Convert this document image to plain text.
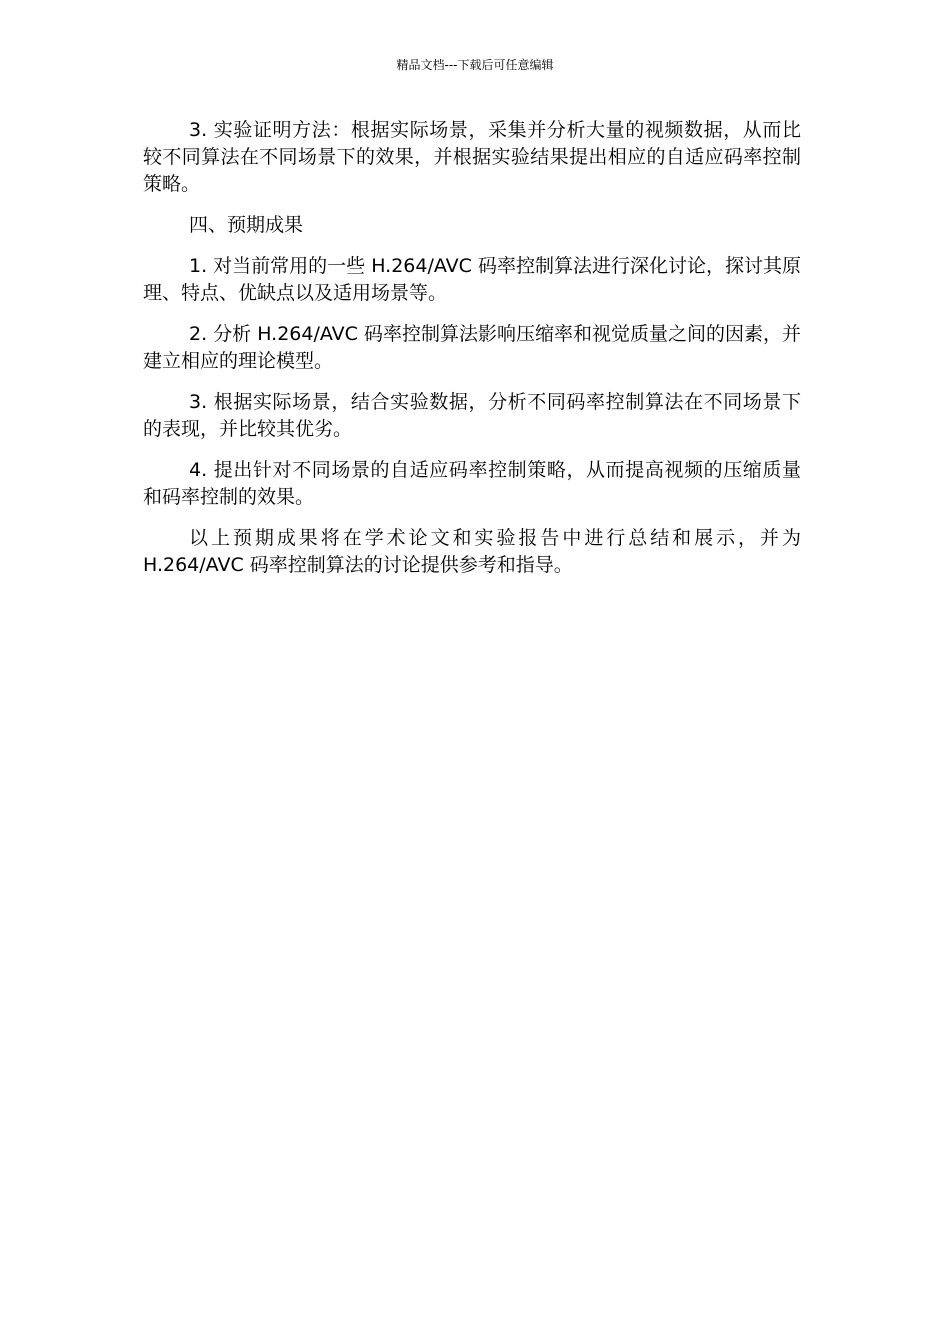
精品文档---下载后可任意编辑

3. 实验证明方法：根据实际场景，采集并分析大量的视频数据，从而比较不同算法在不同场景下的效果，并根据实验结果提出相应的自适应码率控制策略。

四、预期成果

1. 对当前常用的一些 H.264/AVC 码率控制算法进行深化讨论，探讨其原理、特点、优缺点以及适用场景等。

2. 分析 H.264/AVC 码率控制算法影响压缩率和视觉质量之间的因素，并建立相应的理论模型。

3. 根据实际场景，结合实验数据，分析不同码率控制算法在不同场景下的表现，并比较其优劣。

4. 提出针对不同场景的自适应码率控制策略，从而提高视频的压缩质量和码率控制的效果。

以上预期成果将在学术论文和实验报告中进行总结和展示，并为 H.264/AVC 码率控制算法的讨论提供参考和指导。
